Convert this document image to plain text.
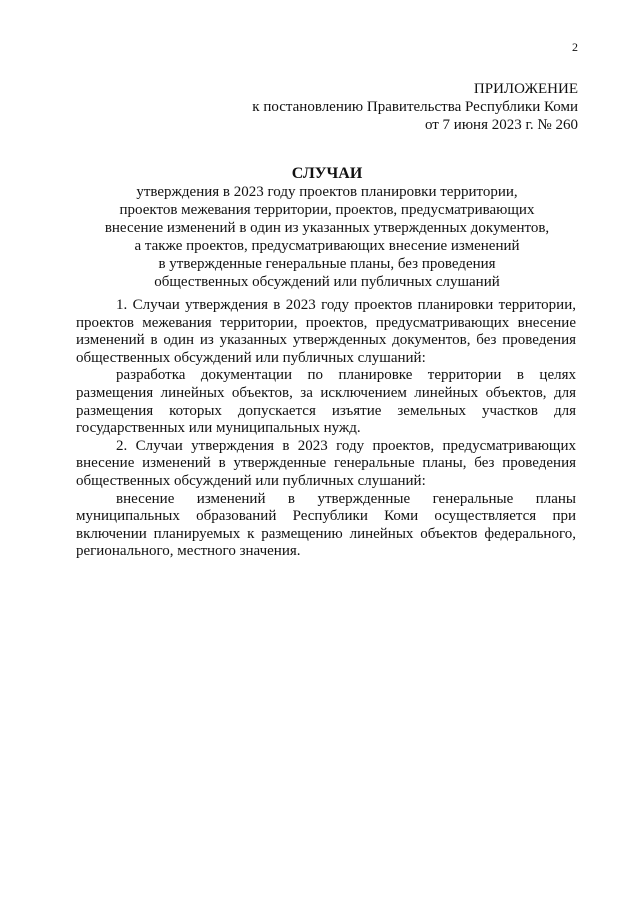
2
ПРИЛОЖЕНИЕ
к постановлению Правительства Республики Коми
от 7 июня 2023 г. № 260
СЛУЧАИ
утверждения в 2023 году проектов планировки территории,
проектов межевания территории, проектов, предусматривающих
внесение изменений в один из указанных утвержденных документов,
а также проектов, предусматривающих внесение изменений
в утвержденные генеральные планы, без проведения
общественных обсуждений или публичных слушаний

1. Случаи утверждения в 2023 году проектов планировки территории, проектов межевания территории, проектов, предусматривающих внесение изменений в один из указанных утвержденных документов, без проведения общественных обсуждений или публичных слушаний:

разработка документации по планировке территории в целях размещения линейных объектов, за исключением линейных объектов, для размещения которых допускается изъятие земельных участков для государственных или муниципальных нужд.

2. Случаи утверждения в 2023 году проектов, предусматривающих внесение изменений в утвержденные генеральные планы, без проведения общественных обсуждений или публичных слушаний:

внесение изменений в утвержденные генеральные планы муниципальных образований Республики Коми осуществляется при включении планируемых к размещению линейных объектов федерального, регионального, местного значения.
